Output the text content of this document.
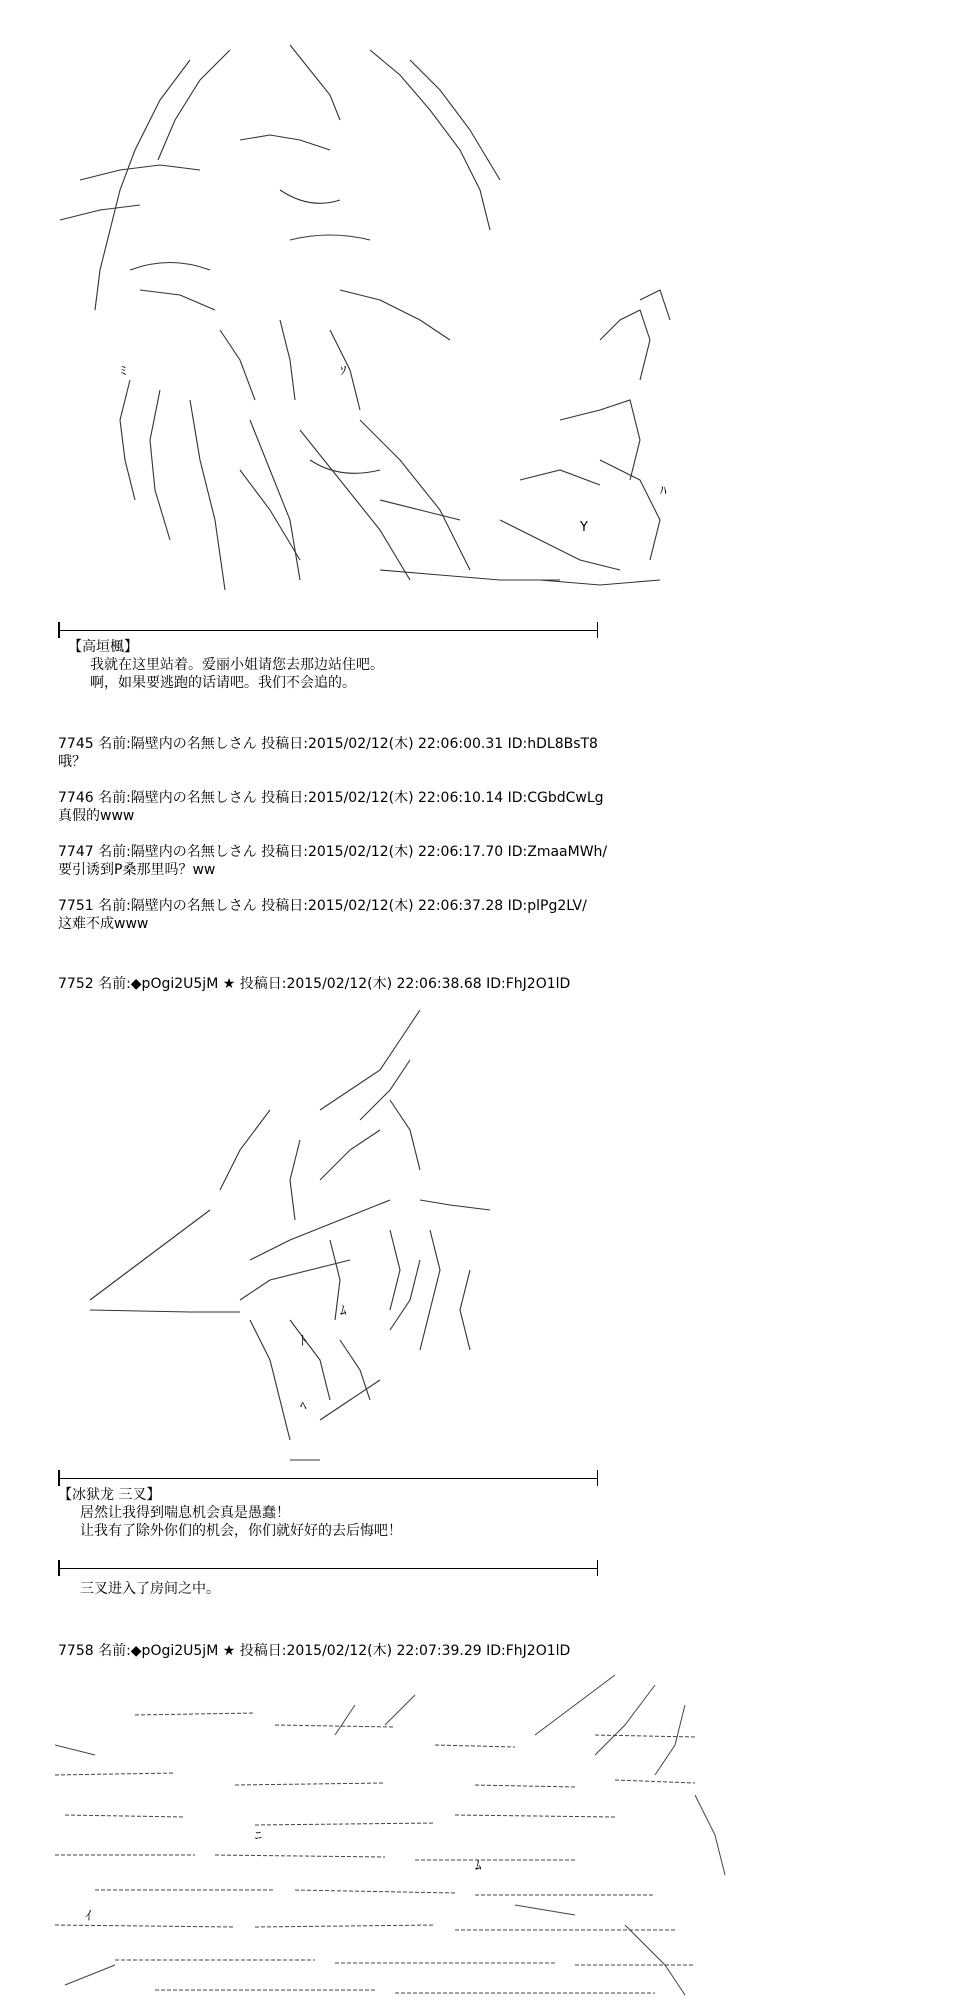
ﾊ
ｿ
ﾐ
Y
【高垣楓】

我就在这里站着。爱丽小姐请您去那边站住吧。
啊，如果要逃跑的话请吧。我们不会追的。
7745 名前:隔壁内の名無しさん 投稿日:2015/02/12(木) 22:06:00.31 ID:hDL8BsT8
哦？
7746 名前:隔壁内の名無しさん 投稿日:2015/02/12(木) 22:06:10.14 ID:CGbdCwLg
真假的www
7747 名前:隔壁内の名無しさん 投稿日:2015/02/12(木) 22:06:17.70 ID:ZmaaMWh/
要引诱到P桑那里吗？ww
7751 名前:隔壁内の名無しさん 投稿日:2015/02/12(木) 22:06:37.28 ID:plPg2LV/
这难不成www
7752 名前:◆pOgi2U5jM ★ 投稿日:2015/02/12(木) 22:06:38.68 ID:FhJ2O1lD
ﾄ
ﾑ
ﾍ
【冰狱龙 三叉】

居然让我得到喘息机会真是愚蠢！
让我有了除外你们的机会，你们就好好的去后悔吧！
三叉进入了房间之中。
7758 名前:◆pOgi2U5jM ★ 投稿日:2015/02/12(木) 22:07:39.29 ID:FhJ2O1lD
ﾆ
ｲ
ﾑ
